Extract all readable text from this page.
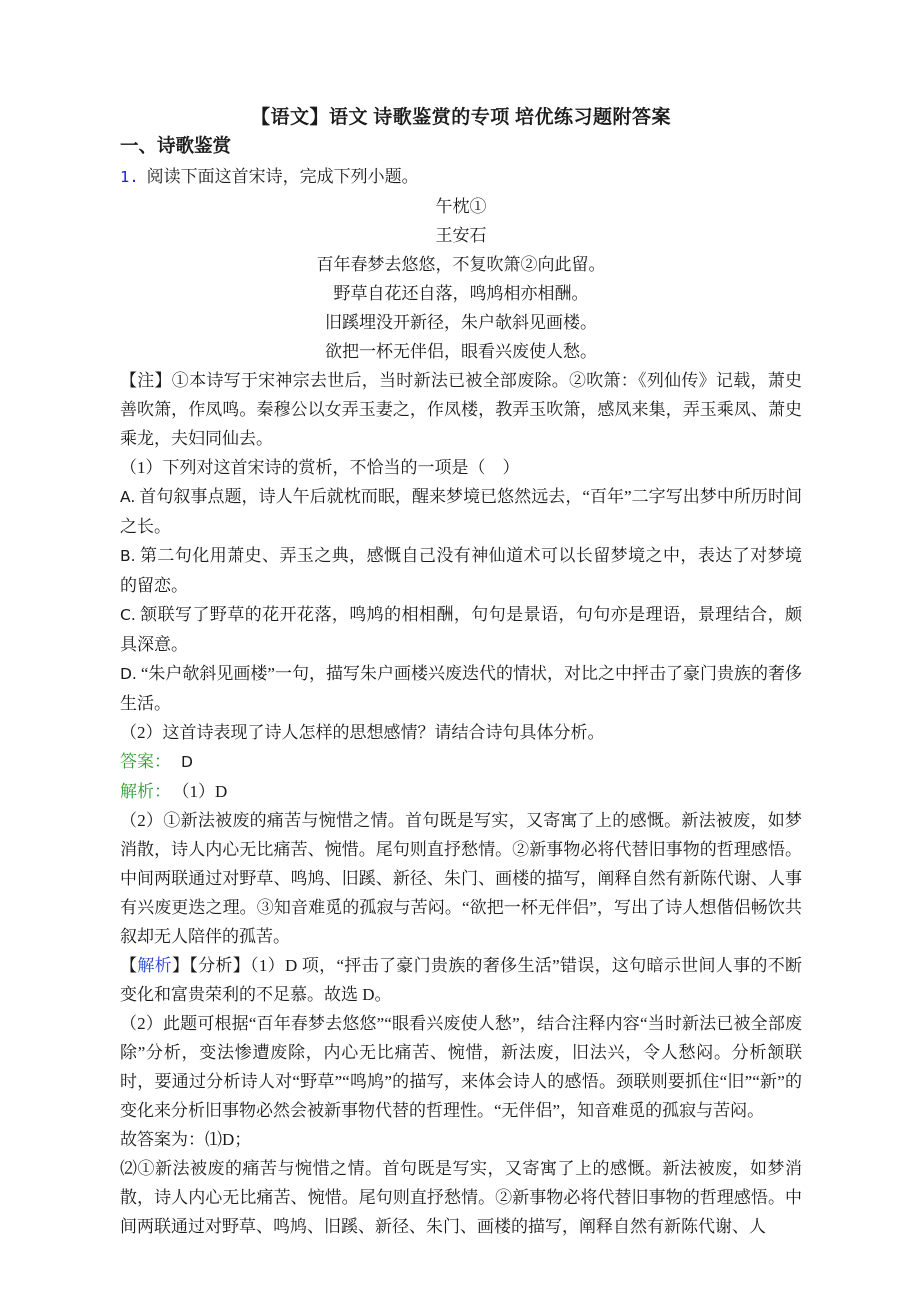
【语文】语文 诗歌鉴赏的专项 培优练习题附答案
一、诗歌鉴赏

1. 阅读下面这首宋诗，完成下列小题。

午枕①

王安石

百年春梦去悠悠，不复吹箫②向此留。

野草自花还自落，鸣鸠相亦相酬。

旧蹊埋没开新径，朱户欹斜见画楼。

欲把一杯无伴侣，眼看兴废使人愁。

【注】①本诗写于宋神宗去世后，当时新法已被全部废除。②吹箫：《列仙传》记载，萧史善吹箫，作凤鸣。秦穆公以女弄玉妻之，作凤楼，教弄玉吹箫，感凤来集，弄玉乘凤、萧史乘龙，夫妇同仙去。

（1）下列对这首宋诗的赏析，不恰当的一项是（　）

A. 首句叙事点题，诗人午后就枕而眠，醒来梦境已悠然远去，“百年”二字写出梦中所历时间之长。

B. 第二句化用萧史、弄玉之典，感慨自己没有神仙道术可以长留梦境之中，表达了对梦境的留恋。

C. 颔联写了野草的花开花落，鸣鸠的相相酬，句句是景语，句句亦是理语，景理结合，颇具深意。

D. “朱户欹斜见画楼”一句，描写朱户画楼兴废迭代的情状，对比之中抨击了豪门贵族的奢侈生活。

（2）这首诗表现了诗人怎样的思想感情？请结合诗句具体分析。

答案： D

解析： （1）D

（2）①新法被废的痛苦与惋惜之情。首句既是写实，又寄寓了上的感慨。新法被废，如梦消散，诗人内心无比痛苦、惋惜。尾句则直抒愁情。②新事物必将代替旧事物的哲理感悟。中间两联通过对野草、鸣鸠、旧蹊、新径、朱门、画楼的描写，阐释自然有新陈代谢、人事有兴废更迭之理。③知音难觅的孤寂与苦闷。“欲把一杯无伴侣”，写出了诗人想偕侣畅饮共叙却无人陪伴的孤苦。

【解析】【分析】（1）D 项，“抨击了豪门贵族的奢侈生活”错误，这句暗示世间人事的不断变化和富贵荣利的不足慕。故选 D。

（2）此题可根据“百年春梦去悠悠”“眼看兴废使人愁”，结合注释内容“当时新法已被全部废除”分析，变法惨遭废除，内心无比痛苦、惋惜，新法废，旧法兴，令人愁闷。分析颔联时，要通过分析诗人对“野草”“鸣鸠”的描写，来体会诗人的感悟。颈联则要抓住“旧”“新”的变化来分析旧事物必然会被新事物代替的哲理性。“无伴侣”，知音难觅的孤寂与苦闷。

故答案为：⑴D；

⑵①新法被废的痛苦与惋惜之情。首句既是写实，又寄寓了上的感慨。新法被废，如梦消散，诗人内心无比痛苦、惋惜。尾句则直抒愁情。②新事物必将代替旧事物的哲理感悟。中间两联通过对野草、鸣鸠、旧蹊、新径、朱门、画楼的描写，阐释自然有新陈代谢、人
